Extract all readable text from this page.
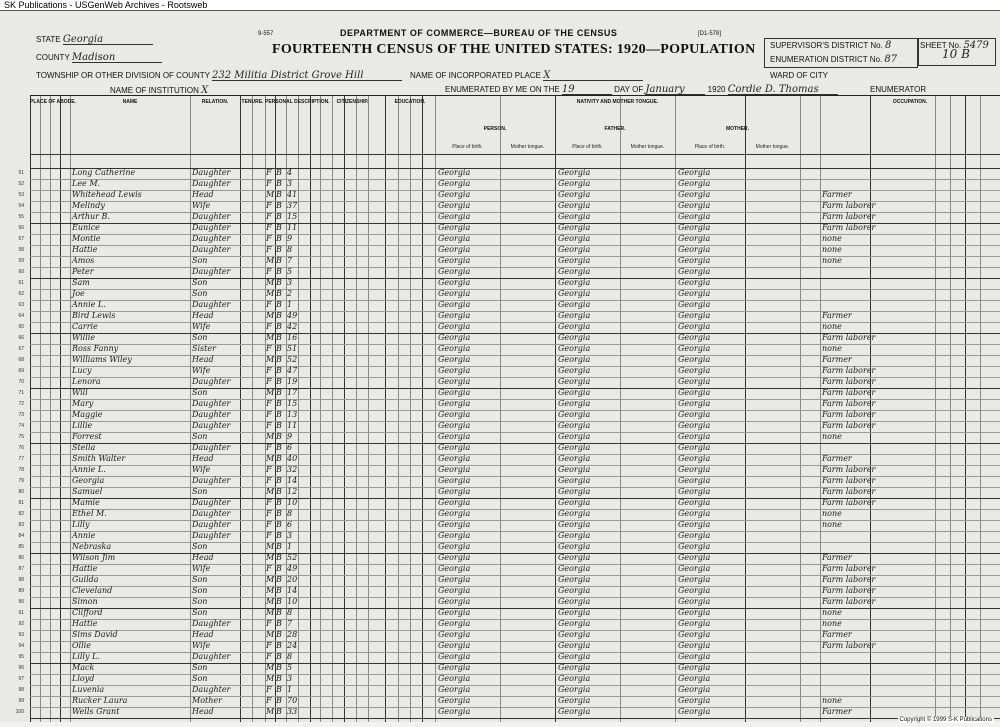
SK Publications - USGenWeb Archives - Rootsweb
9-557	[D1-578]
DEPARTMENT OF COMMERCE—BUREAU OF THE CENSUS
FOURTEENTH CENSUS OF THE UNITED STATES: 1920—POPULATION
STATE Georgia
COUNTY Madison
TOWNSHIP OR OTHER DIVISION OF COUNTY 232 Militia District Grove Hill	NAME OF INCORPORATED PLACE X
NAME OF INSTITUTION X	ENUMERATED BY ME ON THE 19	DAY OF January	1920 Cordie D. Thomas	ENUMERATOR
SUPERVISOR'S DISTRICT No. 8
ENUMERATION DISTRICT No. 87
WARD OF CITY
SHEET No. 5479
10 B
PLACE OF ABODE.	NAME	RELATION.	TENURE. PERSONAL DESCRIPTION.	CITIZENSHIP.	EDUCATION.	NATIVITY AND MOTHER TONGUE.	OCCUPATION.
PERSON.	FATHER.	MOTHER.
Place of birth.	Mother tongue.	Place of birth.	Mother tongue.	Place of birth.	Mother tongue.
51	Long Catherine	Daughter	F B 4	Georgia	Georgia	Georgia
52	Lee M.	Daughter	F B 3	Georgia	Georgia	Georgia
53	Whitehead Lewis	Head	M B 41	Georgia	Georgia	Georgia	Farmer
54	Melindy	Wife	F B 37	Georgia	Georgia	Georgia	Farm laborer
55	Arthur B.	Daughter	F B 15	Georgia	Georgia	Georgia	Farm laborer
56	Eunice	Daughter	F B 11	Georgia	Georgia	Georgia	Farm laborer
57	Montie	Daughter	F B 9	Georgia	Georgia	Georgia	none
58	Hattie	Daughter	F B 8	Georgia	Georgia	Georgia	none
59	Amos	Son	M B 7	Georgia	Georgia	Georgia	none
60	Peter	Daughter	F B 5	Georgia	Georgia	Georgia
61	Sam	Son	M B 3	Georgia	Georgia	Georgia
62	Joe	Son	M B 2	Georgia	Georgia	Georgia
63	Annie L.	Daughter	F B 1	Georgia	Georgia	Georgia
64	Bird Lewis	Head	M B 49	Georgia	Georgia	Georgia	Farmer
65	Carrie	Wife	F B 42	Georgia	Georgia	Georgia	none
66	Willie	Son	M B 16	Georgia	Georgia	Georgia	Farm laborer
67	Ross Fanny	Sister	F B 51	Georgia	Georgia	Georgia	none
68	Williams Wiley	Head	M B 52	Georgia	Georgia	Georgia	Farmer
69	Lucy	Wife	F B 47	Georgia	Georgia	Georgia	Farm laborer
70	Lenora	Daughter	F B 19	Georgia	Georgia	Georgia	Farm laborer
71	Will	Son	M B 17	Georgia	Georgia	Georgia	Farm laborer
72	Mary	Daughter	F B 15	Georgia	Georgia	Georgia	Farm laborer
73	Maggie	Daughter	F B 13	Georgia	Georgia	Georgia	Farm laborer
74	Lillie	Daughter	F B 11	Georgia	Georgia	Georgia	Farm laborer
75	Forrest	Son	M B 9	Georgia	Georgia	Georgia	none
76	Stella	Daughter	F B 6	Georgia	Georgia	Georgia
77	Smith Walter	Head	M B 40	Georgia	Georgia	Georgia	Farmer
78	Annie L.	Wife	F B 32	Georgia	Georgia	Georgia	Farm laborer
79	Georgia	Daughter	F B 14	Georgia	Georgia	Georgia	Farm laborer
80	Samuel	Son	M B 12	Georgia	Georgia	Georgia	Farm laborer
81	Mamie	Daughter	F B 10	Georgia	Georgia	Georgia	Farm laborer
82	Ethel M.	Daughter	F B 8	Georgia	Georgia	Georgia	none
83	Lilly	Daughter	F B 6	Georgia	Georgia	Georgia	none
84	Annie	Daughter	F B 3	Georgia	Georgia	Georgia
85	Nebraska	Son	M B 1	Georgia	Georgia	Georgia
86	Wilson Jim	Head	M B 52	Georgia	Georgia	Georgia	Farmer
87	Hattie	Wife	F B 49	Georgia	Georgia	Georgia	Farm laborer
88	Guilda	Son	M B 20	Georgia	Georgia	Georgia	Farm laborer
89	Cleveland	Son	M B 14	Georgia	Georgia	Georgia	Farm laborer
90	Simon	Son	M B 10	Georgia	Georgia	Georgia	Farm laborer
91	Clifford	Son	M B 8	Georgia	Georgia	Georgia	none
92	Hattie	Daughter	F B 7	Georgia	Georgia	Georgia	none
93	Sims David	Head	M B 28	Georgia	Georgia	Georgia	Farmer
94	Ollie	Wife	F B 24	Georgia	Georgia	Georgia	Farm laborer
95	Lilly L.	Daughter	F B 8	Georgia	Georgia	Georgia
96	Mack	Son	M B 5	Georgia	Georgia	Georgia
97	Lloyd	Son	M B 3	Georgia	Georgia	Georgia
98	Luvenia	Daughter	F B 1	Georgia	Georgia	Georgia
99	Rucker Laura	Mother	F B 70	Georgia	Georgia	Georgia	none
100	Wells Grant	Head	M B 33	Georgia	Georgia	Georgia	Farmer
Copyright © 1999 S-K Publications
